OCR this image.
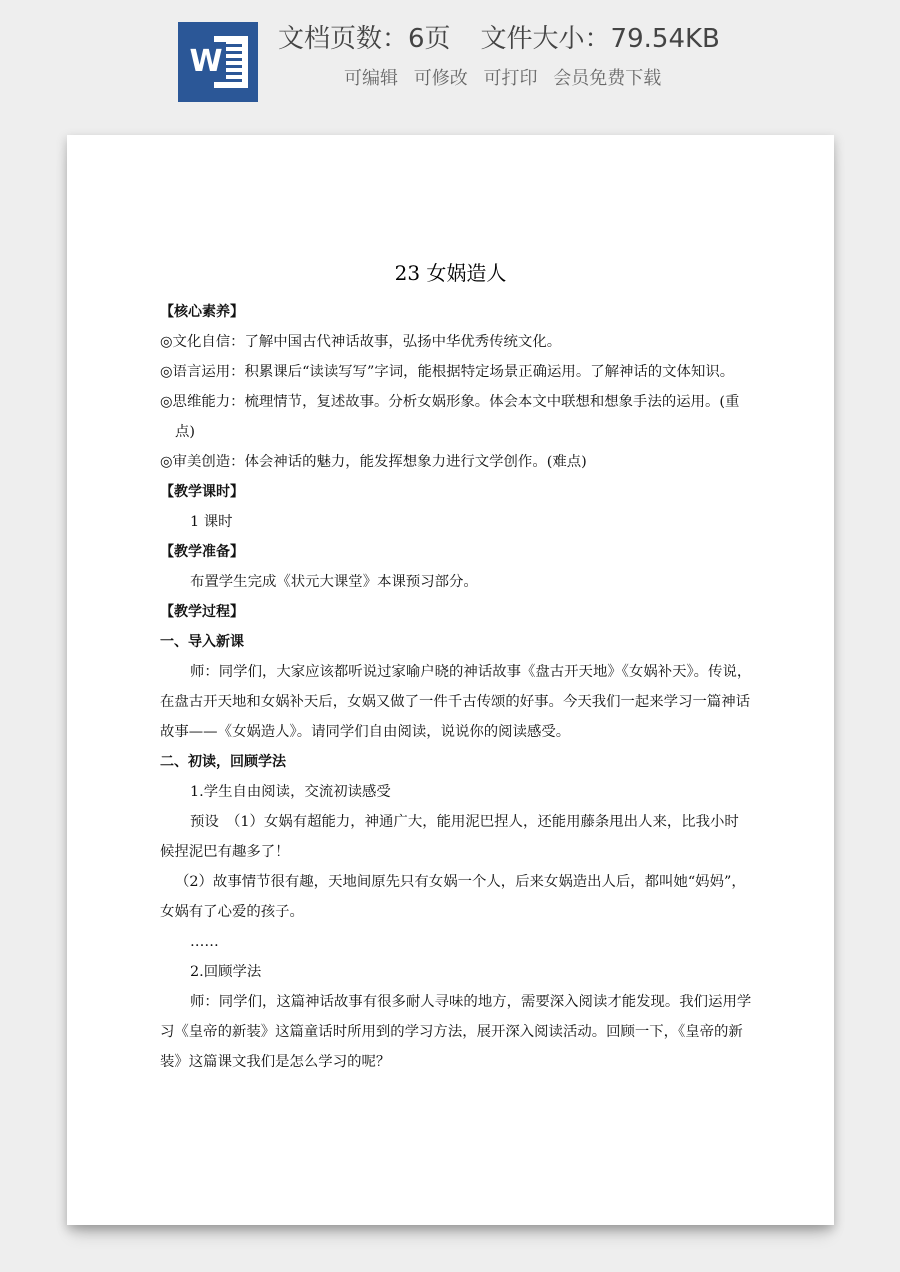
W
文档页数：6页 文件大小：79.54KB
可编辑 可修改 可打印 会员免费下载
23 女娲造人

【核心素养】

◎文化自信：了解中国古代神话故事，弘扬中华优秀传统文化。

◎语言运用：积累课后“读读写写”字词，能根据特定场景正确运用。了解神话的文体知识。

◎思维能力：梳理情节，复述故事。分析女娲形象。体会本文中联想和想象手法的运用。(重点)

◎审美创造：体会神话的魅力，能发挥想象力进行文学创作。(难点)

【教学课时】

1 课时

【教学准备】

布置学生完成《状元大课堂》本课预习部分。

【教学过程】

一、导入新课

师：同学们，大家应该都听说过家喻户晓的神话故事《盘古开天地》《女娲补天》。传说，在盘古开天地和女娲补天后，女娲又做了一件千古传颂的好事。今天我们一起来学习一篇神话故事——《女娲造人》。请同学们自由阅读，说说你的阅读感受。

二、初读，回顾学法

1.学生自由阅读，交流初读感受

预设　（1）女娲有超能力，神通广大，能用泥巴捏人，还能用藤条甩出人来，比我小时候捏泥巴有趣多了！

（2）故事情节很有趣，天地间原先只有女娲一个人，后来女娲造出人后，都叫她“妈妈”，女娲有了心爱的孩子。

……

2.回顾学法

师：同学们，这篇神话故事有很多耐人寻味的地方，需要深入阅读才能发现。我们运用学习《皇帝的新装》这篇童话时所用到的学习方法，展开深入阅读活动。回顾一下，《皇帝的新装》这篇课文我们是怎么学习的呢？
